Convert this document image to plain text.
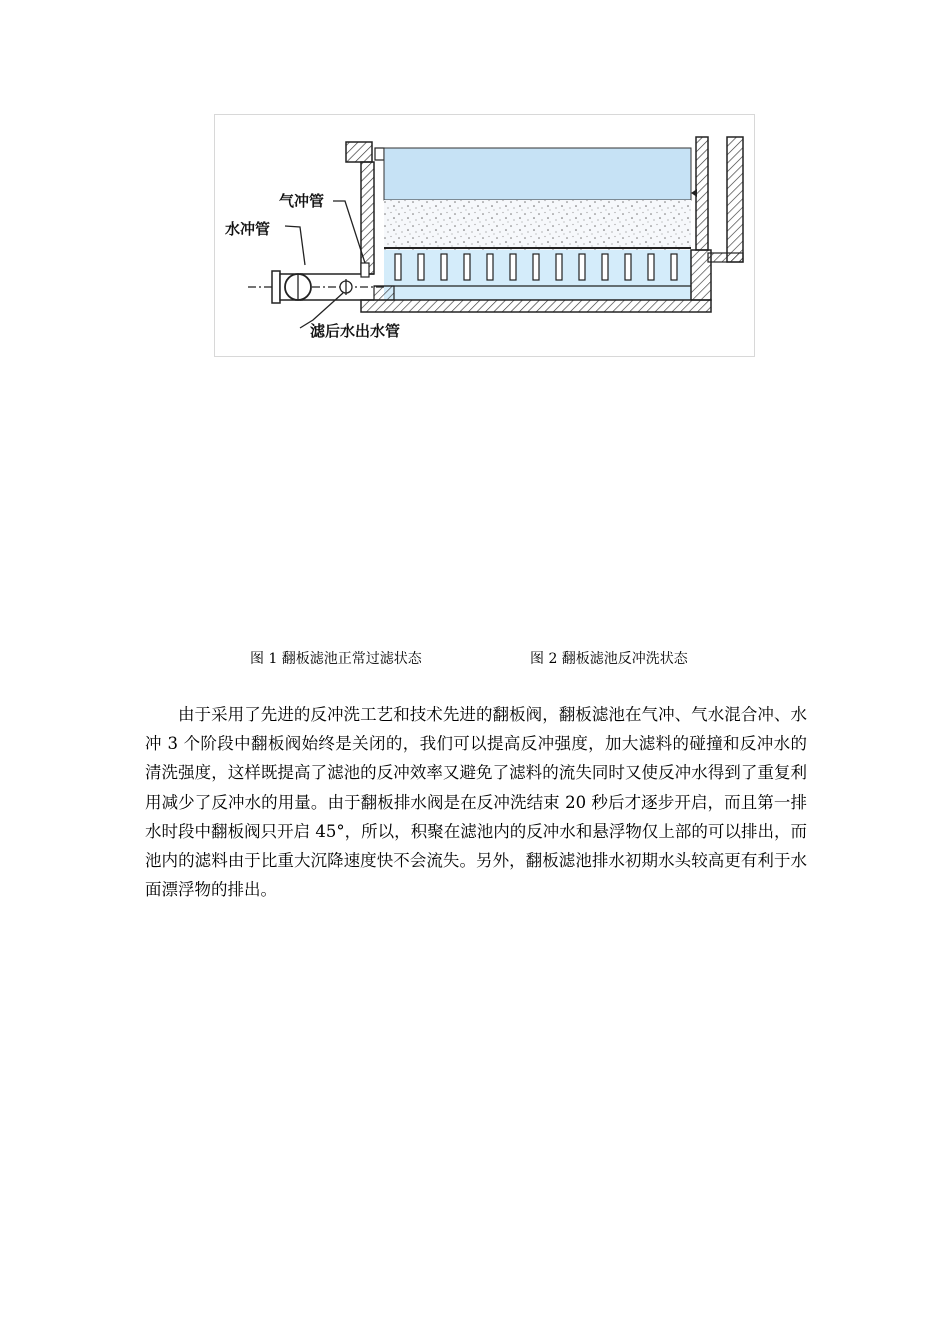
气冲管
水冲管
滤后水出水管
图 1 翻板滤池正常过滤状态	图 2 翻板滤池反冲洗状态

由于采用了先进的反冲洗工艺和技术先进的翻板阀，翻板滤池在气冲、气水混合冲、水冲 3 个阶段中翻板阀始终是关闭的，我们可以提高反冲强度，加大滤料的碰撞和反冲水的清洗强度，这样既提高了滤池的反冲效率又避免了滤料的流失同时又使反冲水得到了重复利用减少了反冲水的用量。由于翻板排水阀是在反冲洗结束 20 秒后才逐步开启，而且第一排水时段中翻板阀只开启 45°，所以，积聚在滤池内的反冲水和悬浮物仅上部的可以排出，而池内的滤料由于比重大沉降速度快不会流失。另外，翻板滤池排水初期水头较高更有利于水面漂浮物的排出。
